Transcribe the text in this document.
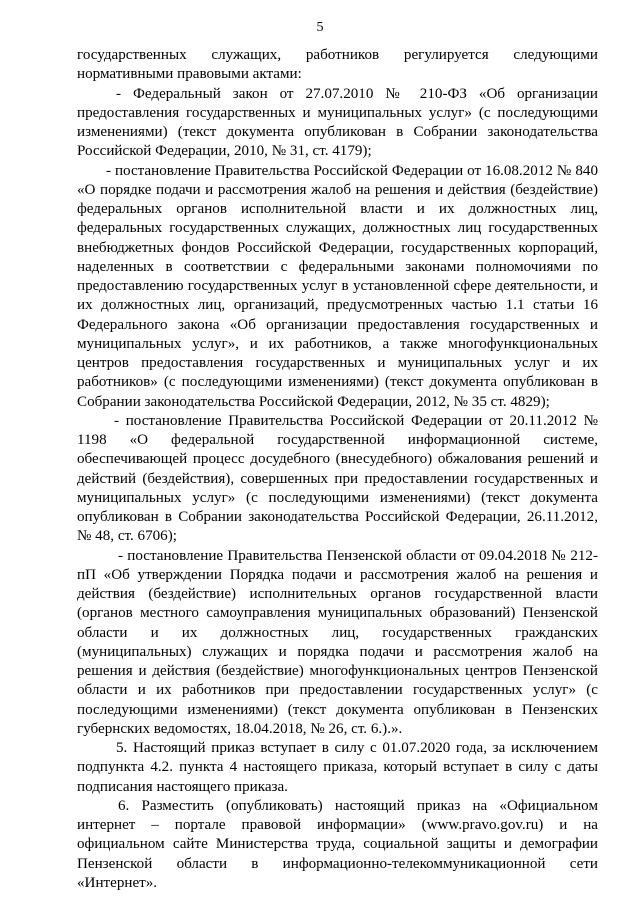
5

государственных служащих, работников регулируется следующими нормативными правовыми актами:

- Федеральный закон от 27.07.2010 № 210-ФЗ «Об организации предоставления государственных и муниципальных услуг» (с последующими изменениями) (текст документа опубликован в Собрании законодательства Российской Федерации, 2010, № 31, ст. 4179);

- постановление Правительства Российской Федерации от 16.08.2012 № 840 «О порядке подачи и рассмотрения жалоб на решения и действия (бездействие) федеральных органов исполнительной власти и их должностных лиц, федеральных государственных служащих, должностных лиц государственных внебюджетных фондов Российской Федерации, государственных корпораций, наделенных в соответствии с федеральными законами полномочиями по предоставлению государственных услуг в установленной сфере деятельности, и их должностных лиц, организаций, предусмотренных частью 1.1 статьи 16 Федерального закона «Об организации предоставления государственных и муниципальных услуг», и их работников, а также многофункциональных центров предоставления государственных и муниципальных услуг и их работников» (с последующими изменениями) (текст документа опубликован в Собрании законодательства Российской Федерации, 2012, № 35 ст. 4829);

- постановление Правительства Российской Федерации от 20.11.2012 № 1198 «О федеральной государственной информационной системе, обеспечивающей процесс досудебного (внесудебного) обжалования решений и действий (бездействия), совершенных при предоставлении государственных и муниципальных услуг» (с последующими изменениями) (текст документа опубликован в Собрании законодательства Российской Федерации, 26.11.2012, № 48, ст. 6706);

- постановление Правительства Пензенской области от 09.04.2018 № 212-пП «Об утверждении Порядка подачи и рассмотрения жалоб на решения и действия (бездействие) исполнительных органов государственной власти (органов местного самоуправления муниципальных образований) Пензенской области и их должностных лиц, государственных гражданских (муниципальных) служащих и порядка подачи и рассмотрения жалоб на решения и действия (бездействие) многофункциональных центров Пензенской области и их работников при предоставлении государственных услуг» (с последующими изменениями) (текст документа опубликован в Пензенских губернских ведомостях, 18.04.2018, № 26, ст. 6.).».

5. Настоящий приказ вступает в силу с 01.07.2020 года, за исключением подпункта 4.2. пункта 4 настоящего приказа, который вступает в силу с даты подписания настоящего приказа.

6. Разместить (опубликовать) настоящий приказ на «Официальном интернет – портале правовой информации» (www.pravo.gov.ru) и на официальном сайте Министерства труда, социальной защиты и демографии Пензенской области в информационно-телекоммуникационной сети «Интернет».
